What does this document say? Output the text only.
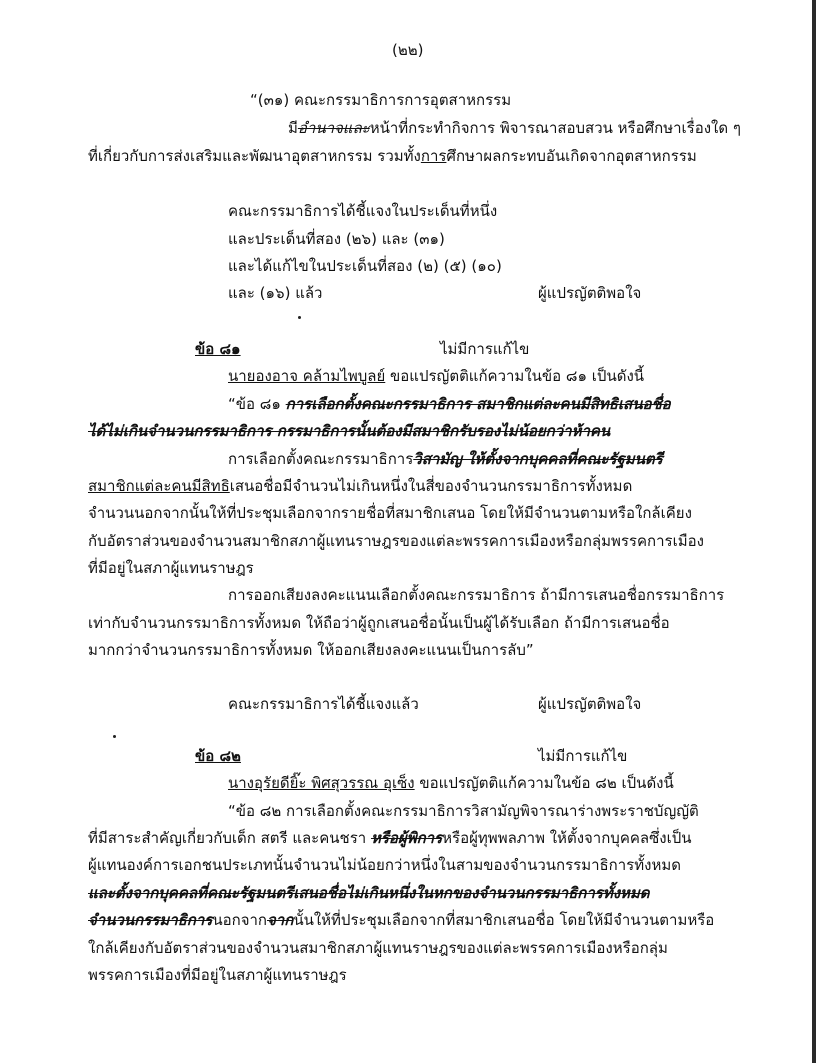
(๒๒)
“(๓๑) คณะกรรมาธิการการอุตสาหกรรม
มีอำนาจและหน้าที่กระทำกิจการ พิจารณาสอบสวน หรือศึกษาเรื่องใด ๆ
ที่เกี่ยวกับการส่งเสริมและพัฒนาอุตสาหกรรม รวมทั้งการศึกษาผลกระทบอันเกิดจากอุตสาหกรรม
คณะกรรมาธิการได้ชี้แจงในประเด็นที่หนึ่ง
และประเด็นที่สอง (๒๖) และ (๓๑)
และได้แก้ไขในประเด็นที่สอง (๒) (๕) (๑๐)
และ (๑๖) แล้ว	ผู้แปรญัตติพอใจ
ข้อ ๘๑	ไม่มีการแก้ไข
นายองอาจ คล้ามไพบูลย์ ขอแปรญัตติแก้ความในข้อ ๘๑ เป็นดังนี้
“ข้อ ๘๑ การเลือกตั้งคณะกรรมาธิการ สมาชิกแต่ละคนมีสิทธิเสนอชื่อ
ได้ไม่เกินจำนวนกรรมาธิการ กรรมาธิการนั้นต้องมีสมาชิกรับรองไม่น้อยกว่าห้าคน
การเลือกตั้งคณะกรรมาธิการวิสามัญ ให้ตั้งจากบุคคลที่คณะรัฐมนตรี
สมาชิกแต่ละคนมีสิทธิเสนอชื่อมีจำนวนไม่เกินหนึ่งในสี่ของจำนวนกรรมาธิการทั้งหมด
จำนวนนอกจากนั้นให้ที่ประชุมเลือกจากรายชื่อที่สมาชิกเสนอ โดยให้มีจำนวนตามหรือใกล้เคียง
กับอัตราส่วนของจำนวนสมาชิกสภาผู้แทนราษฎรของแต่ละพรรคการเมืองหรือกลุ่มพรรคการเมือง
ที่มีอยู่ในสภาผู้แทนราษฎร
การออกเสียงลงคะแนนเลือกตั้งคณะกรรมาธิการ ถ้ามีการเสนอชื่อกรรมาธิการ
เท่ากับจำนวนกรรมาธิการทั้งหมด ให้ถือว่าผู้ถูกเสนอชื่อนั้นเป็นผู้ได้รับเลือก ถ้ามีการเสนอชื่อ
มากกว่าจำนวนกรรมาธิการทั้งหมด ให้ออกเสียงลงคะแนนเป็นการลับ”
คณะกรรมาธิการได้ชี้แจงแล้ว	ผู้แปรญัตติพอใจ
ข้อ ๘๒	ไม่มีการแก้ไข
นางอุรัยดียิ๊ะ พิศสุวรรณ อุเซ็ง ขอแปรญัตติแก้ความในข้อ ๘๒ เป็นดังนี้
“ข้อ ๘๒ การเลือกตั้งคณะกรรมาธิการวิสามัญพิจารณาร่างพระราชบัญญัติ
ที่มีสาระสำคัญเกี่ยวกับเด็ก สตรี และคนชรา หรือผู้พิการหรือผู้ทุพพลภาพ ให้ตั้งจากบุคคลซึ่งเป็น
ผู้แทนองค์การเอกชนประเภทนั้นจำนวนไม่น้อยกว่าหนึ่งในสามของจำนวนกรรมาธิการทั้งหมด
และตั้งจากบุคคลที่คณะรัฐมนตรีเสนอชื่อไม่เกินหนึ่งในหกของจำนวนกรรมาธิการทั้งหมด
จำนวนกรรมาธิการนอกจากจากนั้นให้ที่ประชุมเลือกจากที่สมาชิกเสนอชื่อ โดยให้มีจำนวนตามหรือ
ใกล้เคียงกับอัตราส่วนของจำนวนสมาชิกสภาผู้แทนราษฎรของแต่ละพรรคการเมืองหรือกลุ่ม
พรรคการเมืองที่มีอยู่ในสภาผู้แทนราษฎร
